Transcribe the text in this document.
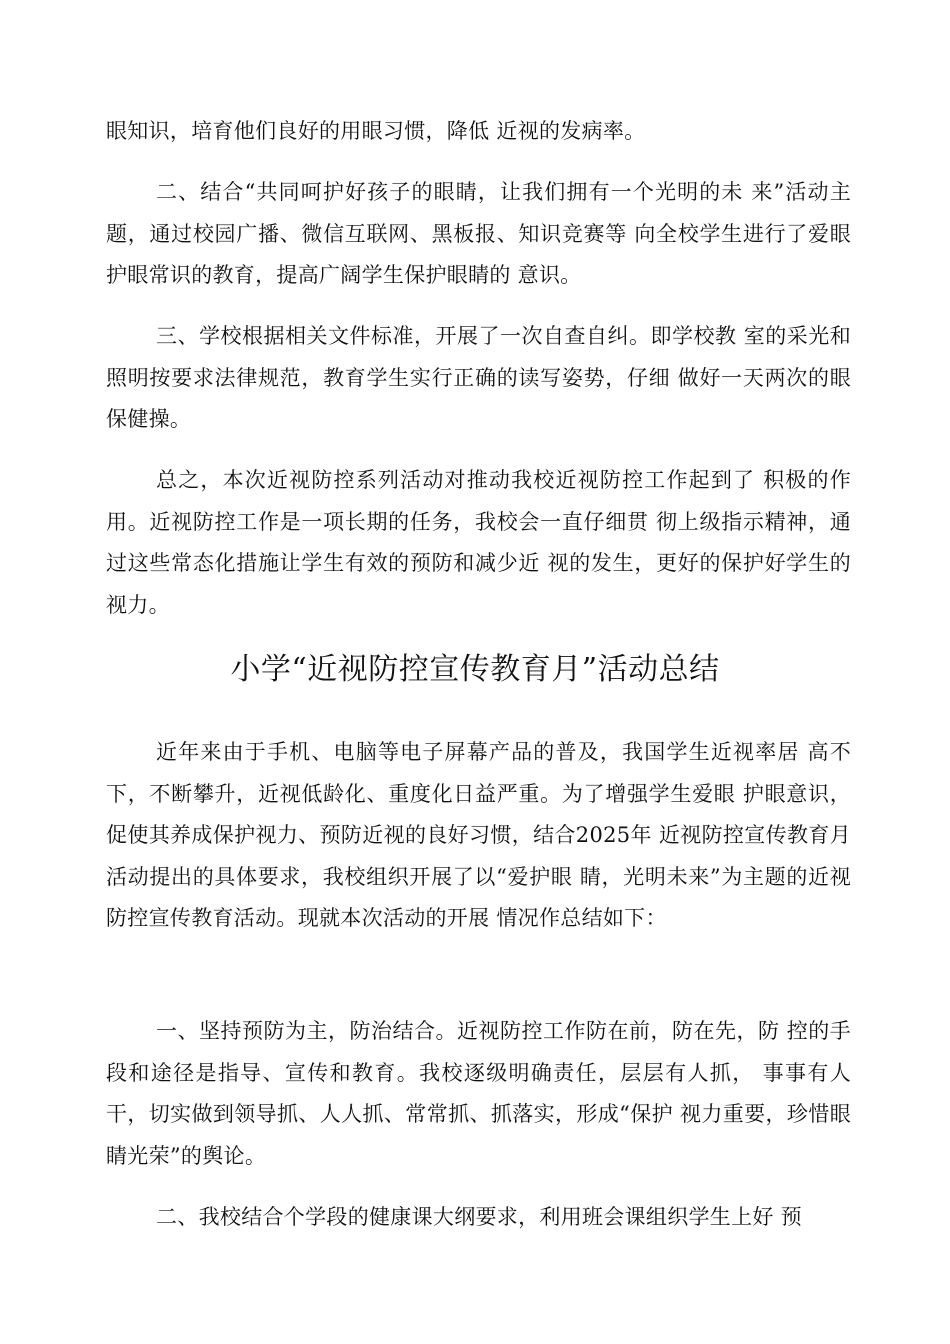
眼知识，培育他们良好的用眼习惯，降低 近视的发病率。

二、结合“共同呵护好孩子的眼睛，让我们拥有一个光明的未 来”活动主题，通过校园广播、微信互联网、黑板报、知识竞赛等 向全校学生进行了爱眼护眼常识的教育，提高广阔学生保护眼睛的 意识。

三、学校根据相关文件标准，开展了一次自查自纠。即学校教 室的采光和照明按要求法律规范，教育学生实行正确的读写姿势，仔细 做好一天两次的眼保健操。

总之，本次近视防控系列活动对推动我校近视防控工作起到了 积极的作用。近视防控工作是一项长期的任务，我校会一直仔细贯 彻上级指示精神，通过这些常态化措施让学生有效的预防和减少近 视的发生，更好的保护好学生的视力。

小学“近视防控宣传教育月”活动总结

近年来由于手机、电脑等电子屏幕产品的普及，我国学生近视率居 高不下，不断攀升，近视低龄化、重度化日益严重。为了增强学生爱眼 护眼意识，促使其养成保护视力、预防近视的良好习惯，结合2025年 近视防控宣传教育月活动提出的具体要求，我校组织开展了以“爱护眼 睛，光明未来”为主题的近视防控宣传教育活动。现就本次活动的开展 情况作总结如下：

一、坚持预防为主，防治结合。近视防控工作防在前，防在先，防 控的手段和途径是指导、宣传和教育。我校逐级明确责任，层层有人抓， 事事有人干，切实做到领导抓、人人抓、常常抓、抓落实，形成“保护 视力重要，珍惜眼睛光荣”的舆论。

二、我校结合个学段的健康课大纲要求，利用班会课组织学生上好 预
